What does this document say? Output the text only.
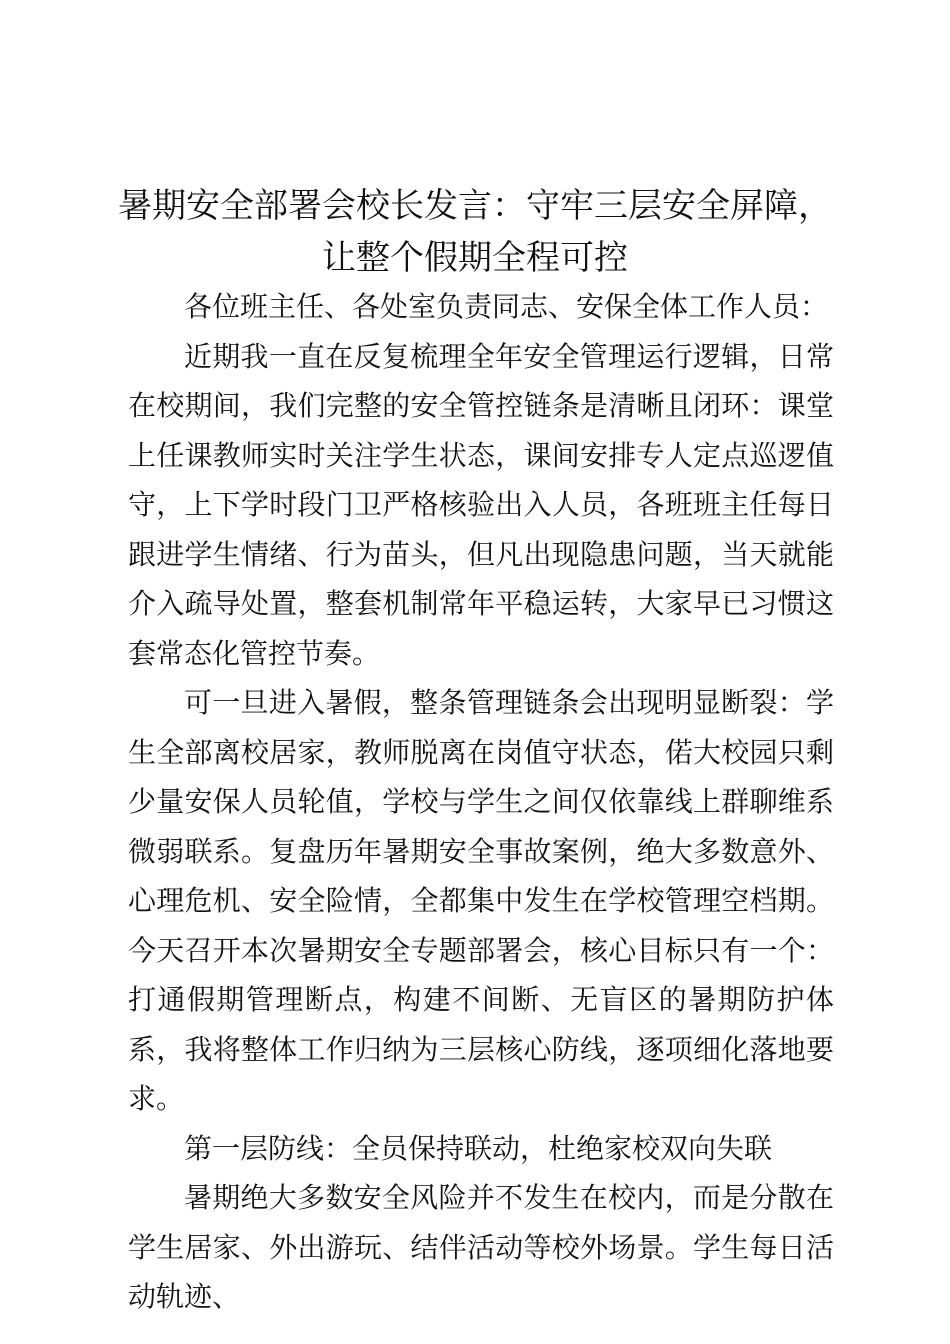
暑期安全部署会校长发言：守牢三层安全屏障，
让整个假期全程可控

各位班主任、各处室负责同志、安保全体工作人员：

近期我一直在反复梳理全年安全管理运行逻辑，日常在校期间，我们完整的安全管控链条是清晰且闭环：课堂上任课教师实时关注学生状态，课间安排专人定点巡逻值守，上下学时段门卫严格核验出入人员，各班班主任每日跟进学生情绪、行为苗头，但凡出现隐患问题，当天就能介入疏导处置，整套机制常年平稳运转，大家早已习惯这套常态化管控节奏。

可一旦进入暑假，整条管理链条会出现明显断裂：学生全部离校居家，教师脱离在岗值守状态，偌大校园只剩少量安保人员轮值，学校与学生之间仅依靠线上群聊维系微弱联系。复盘历年暑期安全事故案例，绝大多数意外、心理危机、安全险情，全都集中发生在学校管理空档期。今天召开本次暑期安全专题部署会，核心目标只有一个：打通假期管理断点，构建不间断、无盲区的暑期防护体系，我将整体工作归纳为三层核心防线，逐项细化落地要求。

第一层防线：全员保持联动，杜绝家校双向失联

暑期绝大多数安全风险并不发生在校内，而是分散在学生居家、外出游玩、结伴活动等校外场景。学生每日活动轨迹、
